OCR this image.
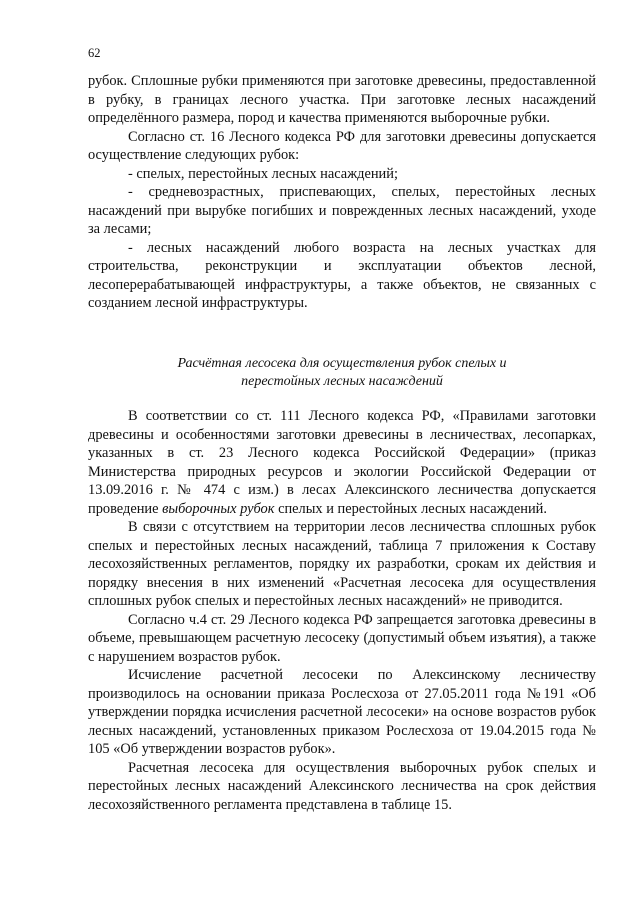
62

рубок. Сплошные рубки применяются при заготовке древесины, предоставленной в рубку, в границах лесного участка. При заготовке лесных насаждений определённого размера, пород и качества применяются выборочные рубки.

Согласно ст. 16 Лесного кодекса РФ для заготовки древесины допускается осуществление следующих рубок:

- спелых, перестойных лесных насаждений;

- средневозрастных, приспевающих, спелых, перестойных лесных насаждений при вырубке погибших и поврежденных лесных насаждений, уходе за лесами;

- лесных насаждений любого возраста на лесных участках для строительства, реконструкции и эксплуатации объектов лесной, лесоперерабатывающей инфраструктуры, а также объектов, не связанных с созданием лесной инфраструктуры.

Расчётная лесосека для осуществления рубок спелых и
перестойных лесных насаждений

В соответствии со ст. 111 Лесного кодекса РФ, «Правилами заготовки древесины и особенностями заготовки древесины в лесничествах, лесопарках, указанных в ст. 23 Лесного кодекса Российской Федерации» (приказ Министерства природных ресурсов и экологии Российской Федерации от 13.09.2016 г. № 474 с изм.) в лесах Алексинского лесничества допускается проведение выборочных рубок спелых и перестойных лесных насаждений.

В связи с отсутствием на территории лесов лесничества сплошных рубок спелых и перестойных лесных насаждений, таблица 7 приложения к Составу лесохозяйственных регламентов, порядку их разработки, срокам их действия и порядку внесения в них изменений «Расчетная лесосека для осуществления сплошных рубок спелых и перестойных лесных насаждений» не приводится.

Согласно ч.4 ст. 29 Лесного кодекса РФ запрещается заготовка древесины в объеме, превышающем расчетную лесосеку (допустимый объем изъятия), а также с нарушением возрастов рубок.

Исчисление расчетной лесосеки по Алексинскому лесничеству производилось на основании приказа Рослесхоза от 27.05.2011 года №191 «Об утверждении порядка исчисления расчетной лесосеки» на основе возрастов рубок лесных насаждений, установленных приказом Рослесхоза от 19.04.2015 года № 105 «Об утверждении возрастов рубок».

Расчетная лесосека для осуществления выборочных рубок спелых и перестойных лесных насаждений Алексинского лесничества на срок действия лесохозяйственного регламента представлена в таблице 15.
